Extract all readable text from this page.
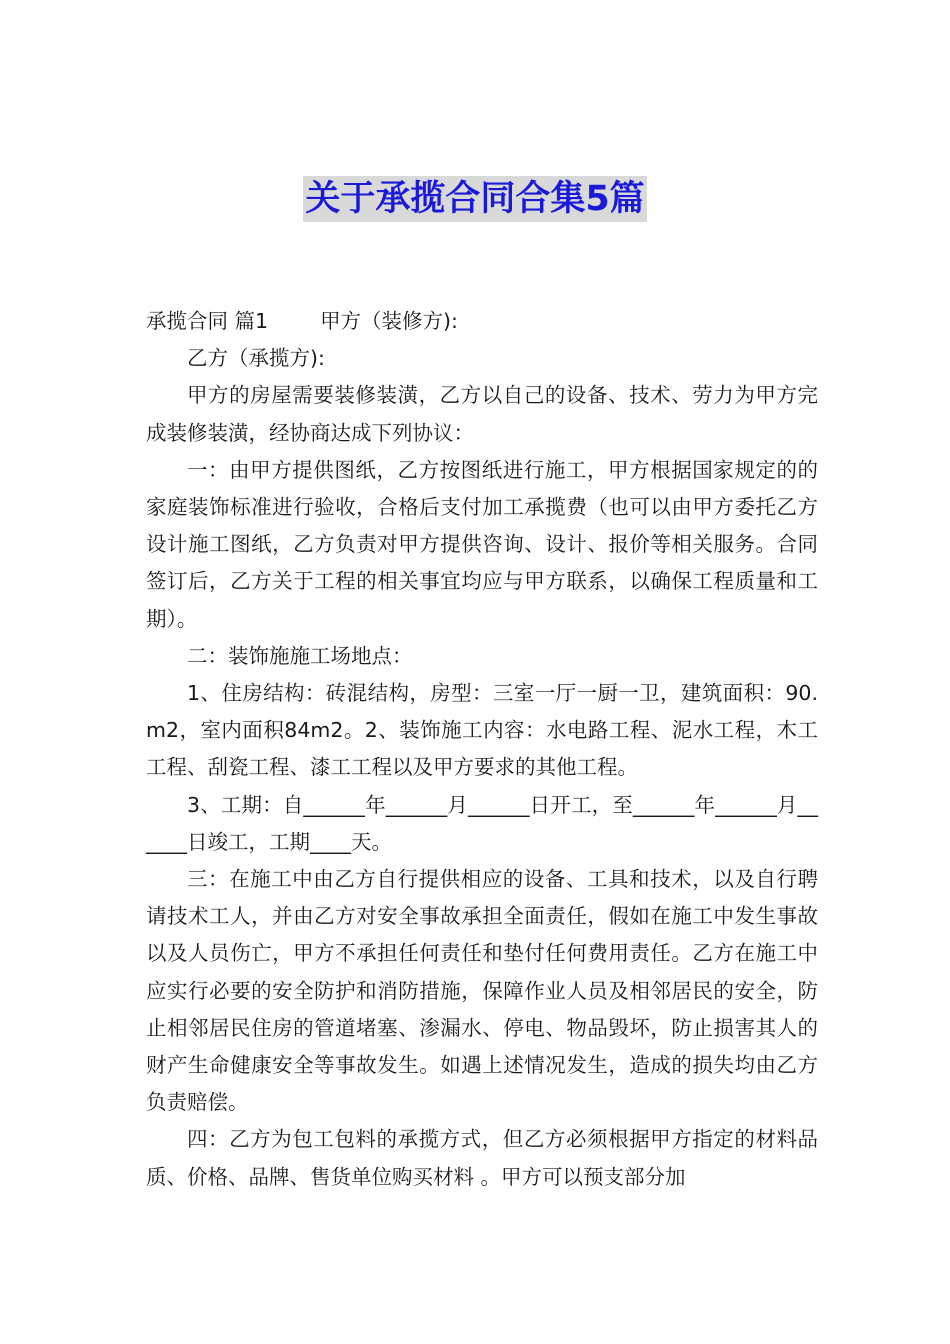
关于承揽合同合集5篇

承揽合同 篇1	甲方（装修方):

乙方（承揽方):

甲方的房屋需要装修装潢，乙方以自己的设备、技术、劳力为甲方完成装修装潢，经协商达成下列协议：

一：由甲方提供图纸，乙方按图纸进行施工，甲方根据国家规定的的家庭装饰标准进行验收，合格后支付加工承揽费（也可以由甲方委托乙方设计施工图纸，乙方负责对甲方提供咨询、设计、报价等相关服务。合同签订后，乙方关于工程的相关事宜均应与甲方联系，以确保工程质量和工期）。

二：装饰施施工场地点：

1、住房结构：砖混结构，房型：三室一厅一厨一卫，建筑面积：90.m2，室内面积84m2。2、装饰施工内容：水电路工程、泥水工程，木工工程、刮瓷工程、漆工工程以及甲方要求的其他工程。

3、工期：自______年______月______日开工，至______年______月______日竣工，工期____天。

三：在施工中由乙方自行提供相应的设备、工具和技术，以及自行聘请技术工人，并由乙方对安全事故承担全面责任，假如在施工中发生事故以及人员伤亡，甲方不承担任何责任和垫付任何费用责任。乙方在施工中应实行必要的安全防护和消防措施，保障作业人员及相邻居民的安全，防止相邻居民住房的管道堵塞、渗漏水、停电、物品毁坏，防止损害其人的财产生命健康安全等事故发生。如遇上述情况发生，造成的损失均由乙方负责赔偿。

四：乙方为包工包料的承揽方式，但乙方必须根据甲方指定的材料品质、价格、品牌、售货单位购买材料 。甲方可以预支部分加
